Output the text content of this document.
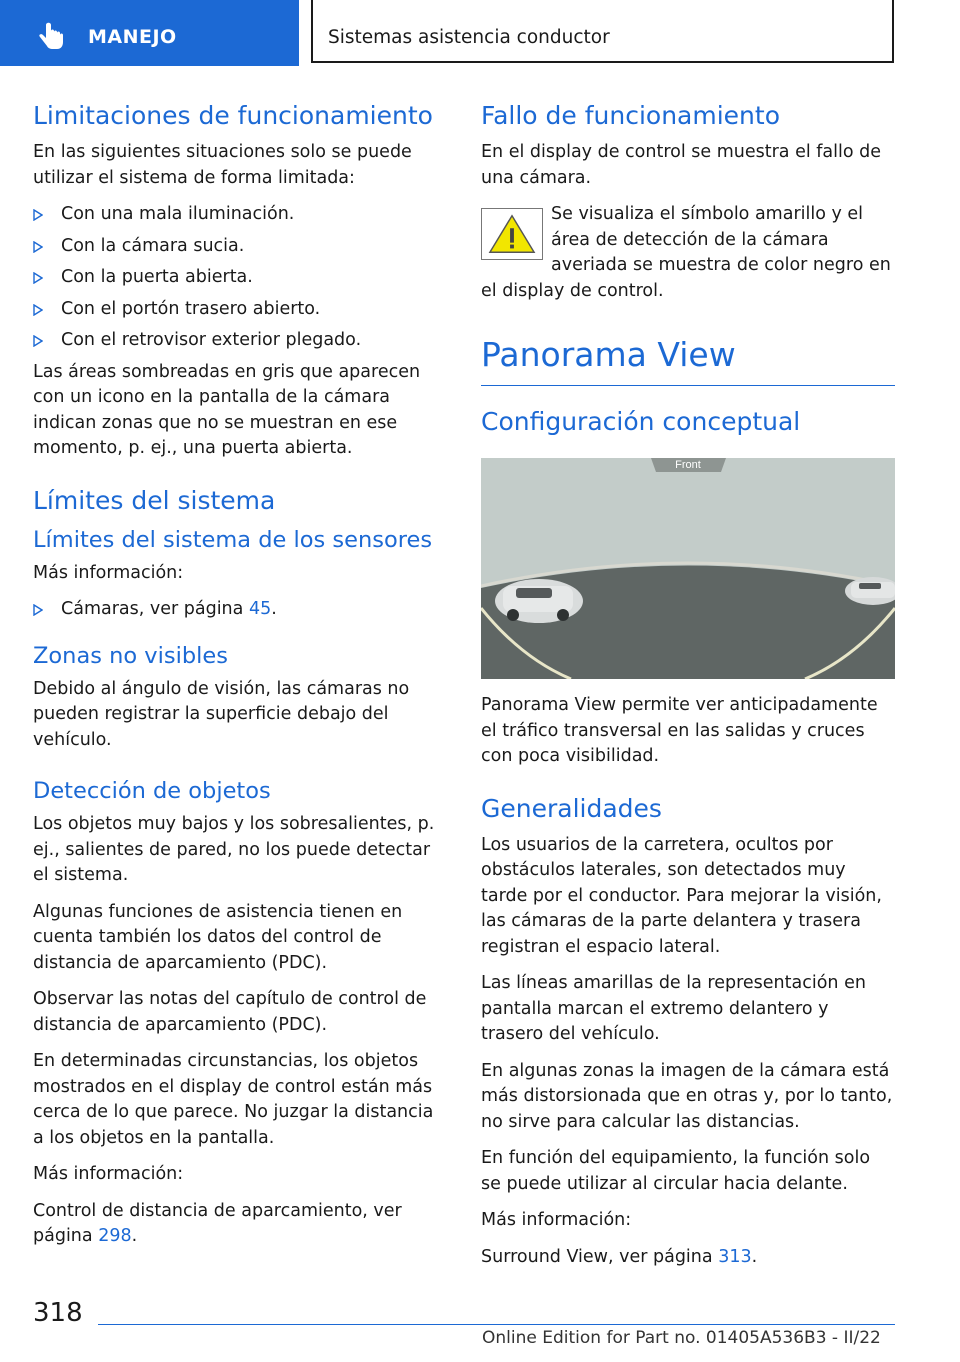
MANEJO	Sistemas asistencia conductor
Limitaciones de funcionamiento

En las siguientes situaciones solo se puede utilizar el sistema de forma limitada:

Con una mala iluminación.
Con la cámara sucia.
Con la puerta abierta.
Con el portón trasero abierto.
Con el retrovisor exterior plegado.

Las áreas sombreadas en gris que aparecen con un icono en la pantalla de la cámara indican zonas que no se muestran en ese momento, p. ej., una puerta abierta.

Límites del sistema
Límites del sistema de los sensores

Más información:

Cámaras, ver página 45.
Zonas no visibles

Debido al ángulo de visión, las cámaras no pueden registrar la superficie debajo del vehículo.

Detección de objetos

Los objetos muy bajos y los sobresalientes, p. ej., salientes de pared, no los puede detectar el sistema.

Algunas funciones de asistencia tienen en cuenta también los datos del control de distancia de aparcamiento (PDC).

Observar las notas del capítulo de control de distancia de aparcamiento (PDC).

En determinadas circunstancias, los objetos mostrados en el display de control están más cerca de lo que parece. No juzgar la distancia a los objetos en la pantalla.

Más información:

Control de distancia de aparcamiento, ver página 298.

Fallo de funcionamiento

En el display de control se muestra el fallo de una cámara.

Se visualiza el símbolo amarillo y el área de detección de la cámara averiada se muestra de color negro en el display de control.

Panorama View
Configuración conceptual
Front

Panorama View permite ver anticipadamente el tráfico transversal en las salidas y cruces con poca visibilidad.

Generalidades

Los usuarios de la carretera, ocultos por obstáculos laterales, son detectados muy tarde por el conductor. Para mejorar la visión, las cámaras de la parte delantera y trasera registran el espacio lateral.

Las líneas amarillas de la representación en pantalla marcan el extremo delantero y trasero del vehículo.

En algunas zonas la imagen de la cámara está más distorsionada que en otras y, por lo tanto, no sirve para calcular las distancias.

En función del equipamiento, la función solo se puede utilizar al circular hacia delante.

Más información:

Surround View, ver página 313.

318
Online Edition for Part no. 01405A536B3 - II/22
